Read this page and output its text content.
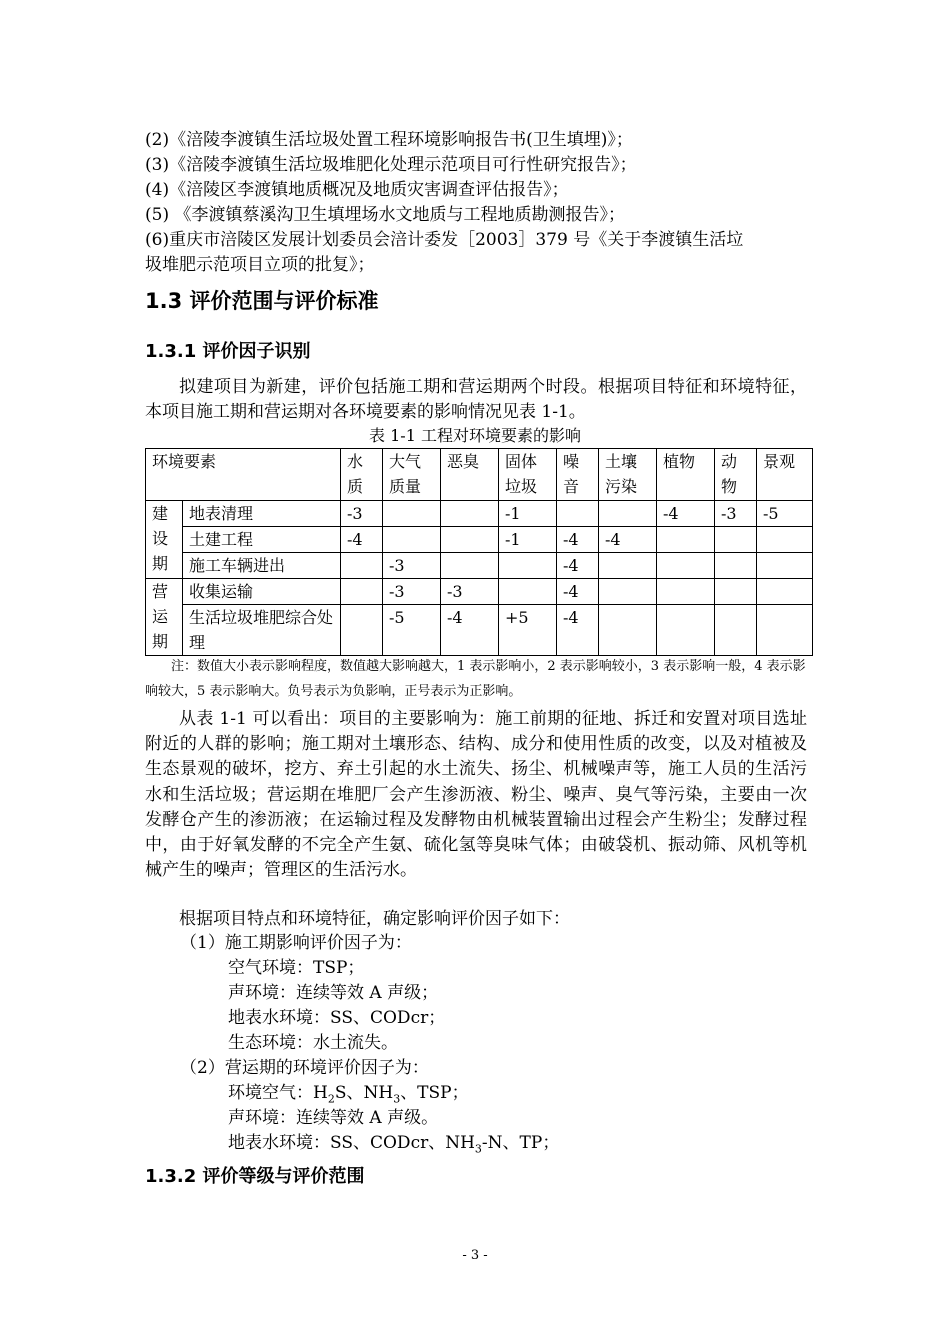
(2)《涪陵李渡镇生活垃圾处置工程环境影响报告书(卫生填埋)》；
(3)《涪陵李渡镇生活垃圾堆肥化处理示范项目可行性研究报告》；
(4)《涪陵区李渡镇地质概况及地质灾害调查评估报告》；
(5) 《李渡镇蔡溪沟卫生填埋场水文地质与工程地质勘测报告》；
(6)重庆市涪陵区发展计划委员会涪计委发［2003］379 号《关于李渡镇生活垃
圾堆肥示范项目立项的批复》；
1.3 评价范围与评价标准
1.3.1 评价因子识别
拟建项目为新建，评价包括施工期和营运期两个时段。根据项目特征和环境特征，本项目施工期和营运期对各环境要素的影响情况见表 1-1。
表 1-1 工程对环境要素的影响
环境要素		水质	大气质量	恶臭	固体垃圾	噪音	土壤污染	植物	动物	景观
建设期	地表清理	-3			-1			-4	-3	-5
	土建工程	-4			-1	-4	-4			
	施工车辆进出		-3			-4				
营运期	收集运输		-3	-3		-4				
	生活垃圾堆肥综合处理		-5	-4	+5	-4				
注：数值大小表示影响程度，数值越大影响越大，1 表示影响小，2 表示影响较小，3 表示影响一般，4 表示影响较大，5 表示影响大。负号表示为负影响，正号表示为正影响。
从表 1-1 可以看出：项目的主要影响为：施工前期的征地、拆迁和安置对项目选址附近的人群的影响；施工期对土壤形态、结构、成分和使用性质的改变，以及对植被及生态景观的破坏，挖方、弃土引起的水土流失、扬尘、机械噪声等，施工人员的生活污水和生活垃圾；营运期在堆肥厂会产生渗沥液、粉尘、噪声、臭气等污染，主要由一次发酵仓产生的渗沥液；在运输过程及发酵物由机械装置输出过程会产生粉尘；发酵过程中，由于好氧发酵的不完全产生氨、硫化氢等臭味气体；由破袋机、振动筛、风机等机械产生的噪声；管理区的生活污水。
根据项目特点和环境特征，确定影响评价因子如下：
（1）施工期影响评价因子为：
空气环境：TSP；
声环境：连续等效 A 声级；
地表水环境：SS、CODcr；
生态环境：水土流失。
（2）营运期的环境评价因子为：
环境空气：$H_2S$、$NH_3$、TSP；
声环境：连续等效 A 声级。
地表水环境：SS、CODcr、$NH_3-N$、TP；
1.3.2 评价等级与评价范围
- 3 -
